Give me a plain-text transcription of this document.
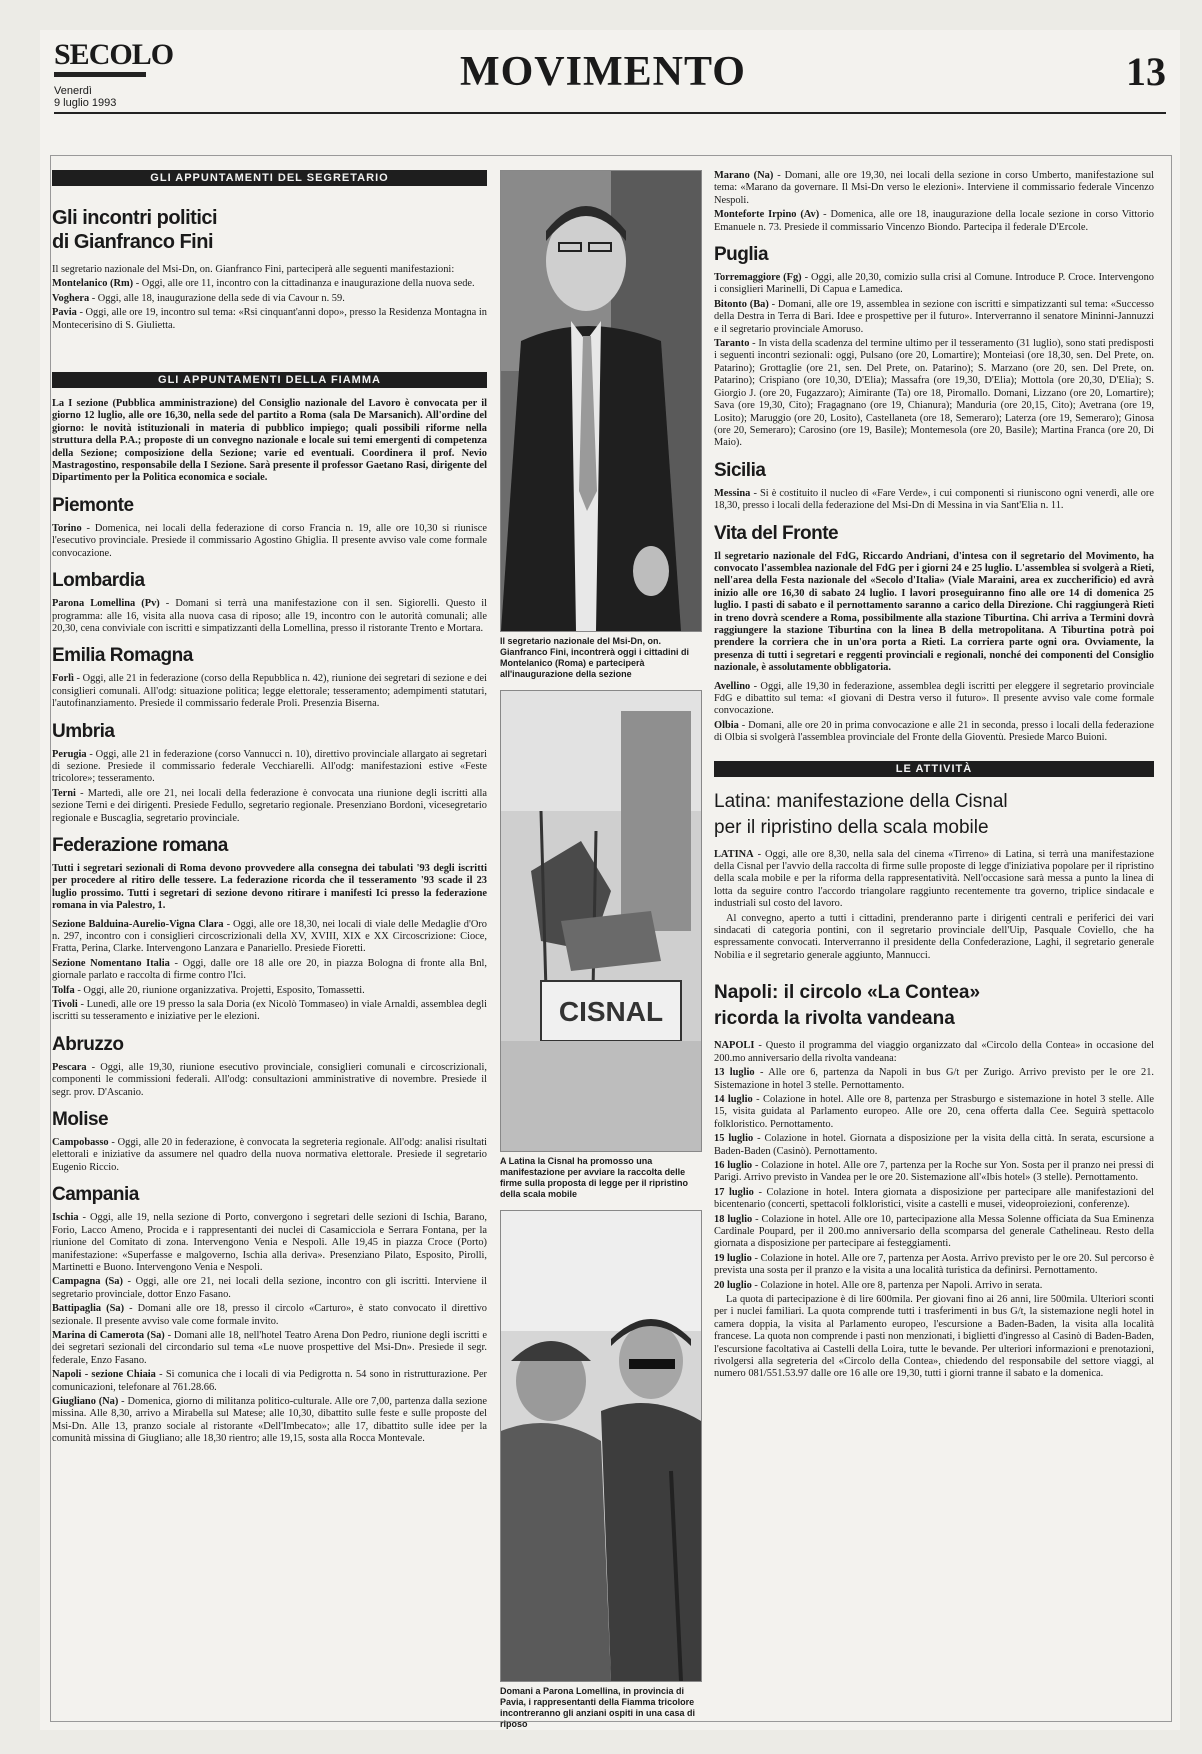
SECOLO
Venerdì
9 luglio 1993
MOVIMENTO	13
GLI APPUNTAMENTI DEL SEGRETARIO
Gli incontri politici
di Gianfranco Fini

Il segretario nazionale del Msi-Dn, on. Gianfranco Fini, parteciperà alle seguenti manifestazioni:

Montelanico (Rm) - Oggi, alle ore 11, incontro con la cittadinanza e inaugurazione della nuova sede.

Voghera - Oggi, alle 18, inaugurazione della sede di via Cavour n. 59.

Pavia - Oggi, alle ore 19, incontro sul tema: «Rsi cinquant'anni dopo», presso la Residenza Montagna in Montecerisino di S. Giulietta.

GLI APPUNTAMENTI DELLA FIAMMA

La I sezione (Pubblica amministrazione) del Consiglio nazionale del Lavoro è convocata per il giorno 12 luglio, alle ore 16,30, nella sede del partito a Roma (sala De Marsanich). All'ordine del giorno: le novità istituzionali in materia di pubblico impiego; quali possibili riforme nella struttura della P.A.; proposte di un convegno nazionale e locale sui temi emergenti di competenza della Sezione; composizione della Sezione; varie ed eventuali. Coordinera il prof. Nevio Mastragostino, responsabile della I Sezione. Sarà presente il professor Gaetano Rasi, dirigente del Dipartimento per la Politica economica e sociale.

Piemonte

Torino - Domenica, nei locali della federazione di corso Francia n. 19, alle ore 10,30 si riunisce l'esecutivo provinciale. Presiede il commissario Agostino Ghiglia. Il presente avviso vale come formale convocazione.

Lombardia

Parona Lomellina (Pv) - Domani si terrà una manifestazione con il sen. Sigiorelli. Questo il programma: alle 16, visita alla nuova casa di riposo; alle 19, incontro con le autorità comunali; alle 20,30, cena conviviale con iscritti e simpatizzanti della Lomellina, presso il ristorante Trento e Mortara.

Emilia Romagna

Forlì - Oggi, alle 21 in federazione (corso della Repubblica n. 42), riunione dei segretari di sezione e dei consiglieri comunali. All'odg: situazione politica; legge elettorale; tesseramento; adempimenti statutari, l'autofinanziamento. Presiede il commissario federale Proli. Presenzia Biserna.

Umbria

Perugia - Oggi, alle 21 in federazione (corso Vannucci n. 10), direttivo provinciale allargato ai segretari di sezione. Presiede il commissario federale Vecchiarelli. All'odg: manifestazioni estive «Feste tricolore»; tesseramento.

Terni - Martedì, alle ore 21, nei locali della federazione è convocata una riunione degli iscritti alla sezione Terni e dei dirigenti. Presiede Fedullo, segretario regionale. Presenziano Bordoni, vicesegretario regionale e Buscaglia, segretario provinciale.

Federazione romana

Tutti i segretari sezionali di Roma devono provvedere alla consegna dei tabulati '93 degli iscritti per procedere al ritiro delle tessere. La federazione ricorda che il tesseramento '93 scade il 23 luglio prossimo. Tutti i segretari di sezione devono ritirare i manifesti Ici presso la federazione romana in via Palestro, 1.

Sezione Balduina-Aurelio-Vigna Clara - Oggi, alle ore 18,30, nei locali di viale delle Medaglie d'Oro n. 297, incontro con i consiglieri circoscrizionali della XV, XVIII, XIX e XX Circoscrizione: Cioce, Fratta, Perina, Clarke. Intervengono Lanzara e Panariello. Presiede Fioretti.

Sezione Nomentano Italia - Oggi, dalle ore 18 alle ore 20, in piazza Bologna di fronte alla Bnl, giornale parlato e raccolta di firme contro l'Ici.

Tolfa - Oggi, alle 20, riunione organizzativa. Projetti, Esposito, Tomassetti.

Tivoli - Lunedì, alle ore 19 presso la sala Doria (ex Nicolò Tommaseo) in viale Arnaldi, assemblea degli iscritti su tesseramento e iniziative per le elezioni.

Abruzzo

Pescara - Oggi, alle 19,30, riunione esecutivo provinciale, consiglieri comunali e circoscrizionali, componenti le commissioni federali. All'odg: consultazioni amministrative di novembre. Presiede il segr. prov. D'Ascanio.

Molise

Campobasso - Oggi, alle 20 in federazione, è convocata la segreteria regionale. All'odg: analisi risultati elettorali e iniziative da assumere nel quadro della nuova normativa elettorale. Presiede il segretario Eugenio Riccio.

Campania

Ischia - Oggi, alle 19, nella sezione di Porto, convergono i segretari delle sezioni di Ischia, Barano, Forio, Lacco Ameno, Procida e i rappresentanti dei nuclei di Casamicciola e Serrara Fontana, per la riunione del Comitato di zona. Intervengono Venia e Nespoli. Alle 19,45 in piazza Croce (Porto) manifestazione: «Superfasse e malgoverno, Ischia alla deriva». Presenziano Pilato, Esposito, Pirolli, Martinetti e Buono. Intervengono Venia e Nespoli.

Campagna (Sa) - Oggi, alle ore 21, nei locali della sezione, incontro con gli iscritti. Interviene il segretario provinciale, dottor Enzo Fasano.

Battipaglia (Sa) - Domani alle ore 18, presso il circolo «Carturo», è stato convocato il direttivo sezionale. Il presente avviso vale come formale invito.

Marina di Camerota (Sa) - Domani alle 18, nell'hotel Teatro Arena Don Pedro, riunione degli iscritti e dei segretari sezionali del circondario sul tema «Le nuove prospettive del Msi-Dn». Presiede il segr. federale, Enzo Fasano.

Napoli - sezione Chiaia - Si comunica che i locali di via Pedigrotta n. 54 sono in ristrutturazione. Per comunicazioni, telefonare al 761.28.66.

Giugliano (Na) - Domenica, giorno di militanza politico-culturale. Alle ore 7,00, partenza dalla sezione missina. Alle 8,30, arrivo a Mirabella sul Matese; alle 10,30, dibattito sulle feste e sulle proposte del Msi-Dn. Alle 13, pranzo sociale al ristorante «Dell'Imbecato»; alle 17, dibattito sulle idee per la comunità missina di Giugliano; alle 18,30 rientro; alle 19,15, sosta alla Rocca Montevale.

Il segretario nazionale del Msi-Dn, on. Gianfranco Fini, incontrerà oggi i cittadini di Montelanico (Roma) e parteciperà all'inaugurazione della sezione
CISNAL
A Latina la Cisnal ha promosso una manifestazione per avviare la raccolta delle firme sulla proposta di legge per il ripristino della scala mobile
Domani a Parona Lomellina, in provincia di Pavia, i rappresentanti della Fiamma tricolore incontreranno gli anziani ospiti in una casa di riposo

Marano (Na) - Domani, alle ore 19,30, nei locali della sezione in corso Umberto, manifestazione sul tema: «Marano da governare. Il Msi-Dn verso le elezioni». Interviene il commissario federale Vincenzo Nespoli.

Monteforte Irpino (Av) - Domenica, alle ore 18, inaugurazione della locale sezione in corso Vittorio Emanuele n. 73. Presiede il commissario Vincenzo Biondo. Partecipa il federale D'Ercole.

Puglia

Torremaggiore (Fg) - Oggi, alle 20,30, comizio sulla crisi al Comune. Introduce P. Croce. Intervengono i consiglieri Marinelli, Di Capua e Lamedica.

Bitonto (Ba) - Domani, alle ore 19, assemblea in sezione con iscritti e simpatizzanti sul tema: «Successo della Destra in Terra di Bari. Idee e prospettive per il futuro». Interverranno il senatore Mininni-Jannuzzi e il segretario provinciale Amoruso.

Taranto - In vista della scadenza del termine ultimo per il tesseramento (31 luglio), sono stati predisposti i seguenti incontri sezionali: oggi, Pulsano (ore 20, Lomartire); Monteiasi (ore 18,30, sen. Del Prete, on. Patarino); Grottaglie (ore 21, sen. Del Prete, on. Patarino); S. Marzano (ore 20, sen. Del Prete, on. Patarino); Crispiano (ore 10,30, D'Elia); Massafra (ore 19,30, D'Elia); Mottola (ore 20,30, D'Elia); S. Giorgio J. (ore 20, Fugazzaro); Aimirante (Ta) ore 18, Piromallo. Domani, Lizzano (ore 20, Lomartire); Sava (ore 19,30, Cito); Fragagnano (ore 19, Chianura); Manduria (ore 20,15, Cito); Avetrana (ore 19, Losito); Maruggio (ore 20, Losito), Castellaneta (ore 18, Semeraro); Laterza (ore 19, Semeraro); Ginosa (ore 20, Semeraro); Carosino (ore 19, Basile); Montemesola (ore 20, Basile); Martina Franca (ore 20, Di Maio).

Sicilia

Messina - Si è costituito il nucleo di «Fare Verde», i cui componenti si riuniscono ogni venerdì, alle ore 18,30, presso i locali della federazione del Msi-Dn di Messina in via Sant'Elia n. 11.

Vita del Fronte

Il segretario nazionale del FdG, Riccardo Andriani, d'intesa con il segretario del Movimento, ha convocato l'assemblea nazionale del FdG per i giorni 24 e 25 luglio. L'assemblea si svolgerà a Rieti, nell'area della Festa nazionale del «Secolo d'Italia» (Viale Maraini, area ex zuccherificio) ed avrà inizio alle ore 16,30 di sabato 24 luglio. I lavori proseguiranno fino alle ore 14 di domenica 25 luglio. I pasti di sabato e il pernottamento saranno a carico della Direzione. Chi raggiungerà Rieti in treno dovrà scendere a Roma, possibilmente alla stazione Tiburtina. Chi arriva a Termini dovrà raggiungere la stazione Tiburtina con la linea B della metropolitana. A Tiburtina potrà poi prendere la corriera che in un'ora porta a Rieti. La corriera parte ogni ora. Ovviamente, la presenza di tutti i segretari e reggenti provinciali e regionali, nonché dei componenti del Consiglio nazionale, è assolutamente obbligatoria.

Avellino - Oggi, alle 19,30 in federazione, assemblea degli iscritti per eleggere il segretario provinciale FdG e dibattito sul tema: «I giovani di Destra verso il futuro». Il presente avviso vale come formale convocazione.

Olbia - Domani, alle ore 20 in prima convocazione e alle 21 in seconda, presso i locali della federazione di Olbia si svolgerà l'assemblea provinciale del Fronte della Gioventù. Presiede Marco Buioni.

LE ATTIVITÀ
Latina: manifestazione della Cisnal
per il ripristino della scala mobile

LATINA - Oggi, alle ore 8,30, nella sala del cinema «Tirreno» di Latina, si terrà una manifestazione della Cisnal per l'avvio della raccolta di firme sulle proposte di legge d'iniziativa popolare per il ripristino della scala mobile e per la riforma della rappresentatività. Nell'occasione sarà messa a punto la linea di lotta da seguire contro l'accordo triangolare raggiunto recentemente tra governo, triplice sindacale e industriali sul costo del lavoro.

Al convegno, aperto a tutti i cittadini, prenderanno parte i dirigenti centrali e periferici dei vari sindacati di categoria pontini, con il segretario provinciale dell'Uip, Pasquale Coviello, che ha espressamente convocati. Interverranno il presidente della Confederazione, Laghi, il segretario generale Nobilia e il segretario generale aggiunto, Mannucci.

Napoli: il circolo «La Contea»
ricorda la rivolta vandeana

NAPOLI - Questo il programma del viaggio organizzato dal «Circolo della Contea» in occasione del 200.mo anniversario della rivolta vandeana:

13 luglio - Alle ore 6, partenza da Napoli in bus G/t per Zurigo. Arrivo previsto per le ore 21. Sistemazione in hotel 3 stelle. Pernottamento.

14 luglio - Colazione in hotel. Alle ore 8, partenza per Strasburgo e sistemazione in hotel 3 stelle. Alle 15, visita guidata al Parlamento europeo. Alle ore 20, cena offerta dalla Cee. Seguirà spettacolo folkloristico. Pernottamento.

15 luglio - Colazione in hotel. Giornata a disposizione per la visita della città. In serata, escursione a Baden-Baden (Casinò). Pernottamento.

16 luglio - Colazione in hotel. Alle ore 7, partenza per la Roche sur Yon. Sosta per il pranzo nei pressi di Parigi. Arrivo previsto in Vandea per le ore 20. Sistemazione all'«Ibis hotel» (3 stelle). Pernottamento.

17 luglio - Colazione in hotel. Intera giornata a disposizione per partecipare alle manifestazioni del bicentenario (concerti, spettacoli folkloristici, visite a castelli e musei, videoproiezioni, conferenze).

18 luglio - Colazione in hotel. Alle ore 10, partecipazione alla Messa Solenne officiata da Sua Eminenza Cardinale Poupard, per il 200.mo anniversario della scomparsa del generale Cathelineau. Resto della giornata a disposizione per partecipare ai festeggiamenti.

19 luglio - Colazione in hotel. Alle ore 7, partenza per Aosta. Arrivo previsto per le ore 20. Sul percorso è prevista una sosta per il pranzo e la visita a una località turistica da definirsi. Pernottamento.

20 luglio - Colazione in hotel. Alle ore 8, partenza per Napoli. Arrivo in serata.

La quota di partecipazione è di lire 600mila. Per giovani fino ai 26 anni, lire 500mila. Ulteriori sconti per i nuclei familiari. La quota comprende tutti i trasferimenti in bus G/t, la sistemazione negli hotel in camera doppia, la visita al Parlamento europeo, l'escursione a Baden-Baden, la visita alla località francese. La quota non comprende i pasti non menzionati, i biglietti d'ingresso al Casinò di Baden-Baden, l'escursione facoltativa ai Castelli della Loira, tutte le bevande. Per ulteriori informazioni e prenotazioni, rivolgersi alla segreteria del «Circolo della Contea», chiedendo del responsabile del settore viaggi, al numero 081/551.53.97 dalle ore 16 alle ore 19,30, tutti i giorni tranne il sabato e la domenica.
